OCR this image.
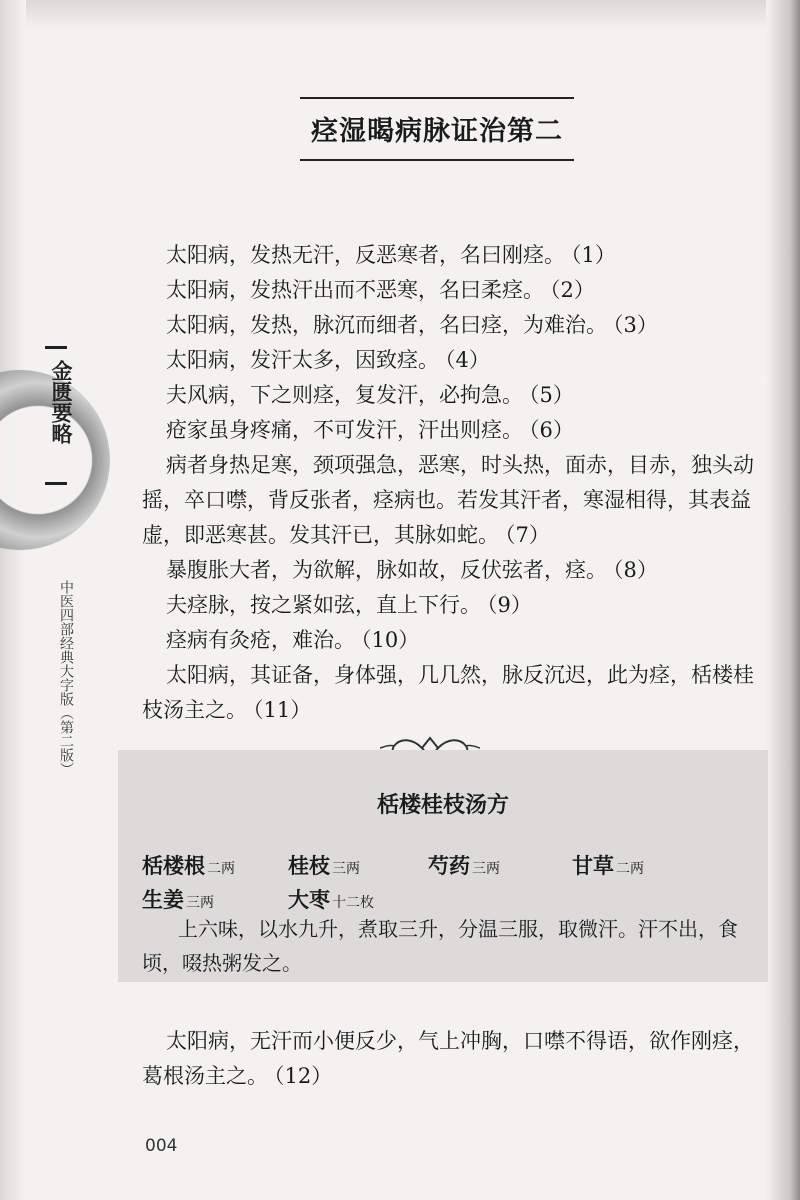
金匮要略
中医四部经典大字版（第二版）
痉湿暍病脉证治第二

太阳病，发热无汗，反恶寒者，名曰刚痉。 （1）

太阳病，发热汗出而不恶寒，名曰柔痉。 （2）

太阳病，发热，脉沉而细者，名曰痉，为难治。 （3）

太阳病，发汗太多，因致痉。 （4）

夫风病，下之则痉，复发汗，必拘急。 （5）

疮家虽身疼痛，不可发汗，汗出则痉。 （6）

病者身热足寒，颈项强急，恶寒，时头热，面赤，目赤，独头动摇，卒口噤，背反张者，痉病也。若发其汗者，寒湿相得，其表益虚，即恶寒甚。发其汗已，其脉如蛇。 （7）

暴腹胀大者，为欲解，脉如故，反伏弦者，痉。 （8）

夫痉脉，按之紧如弦，直上下行。 （9）

痉病有灸疮，难治。 （10）

太阳病，其证备，身体强，几几然，脉反沉迟，此为痉，栝楼桂枝汤主之。 （11）

栝楼桂枝汤方
栝楼根 二两	桂枝 三两	芍药 三两	甘草 二两
生姜 三两	大枣 十二枚

上六味，以水九升，煮取三升，分温三服，取微汗。汗不出，食顷，啜热粥发之。

太阳病，无汗而小便反少，气上冲胸，口噤不得语，欲作刚痉，葛根汤主之。 （12）

004
